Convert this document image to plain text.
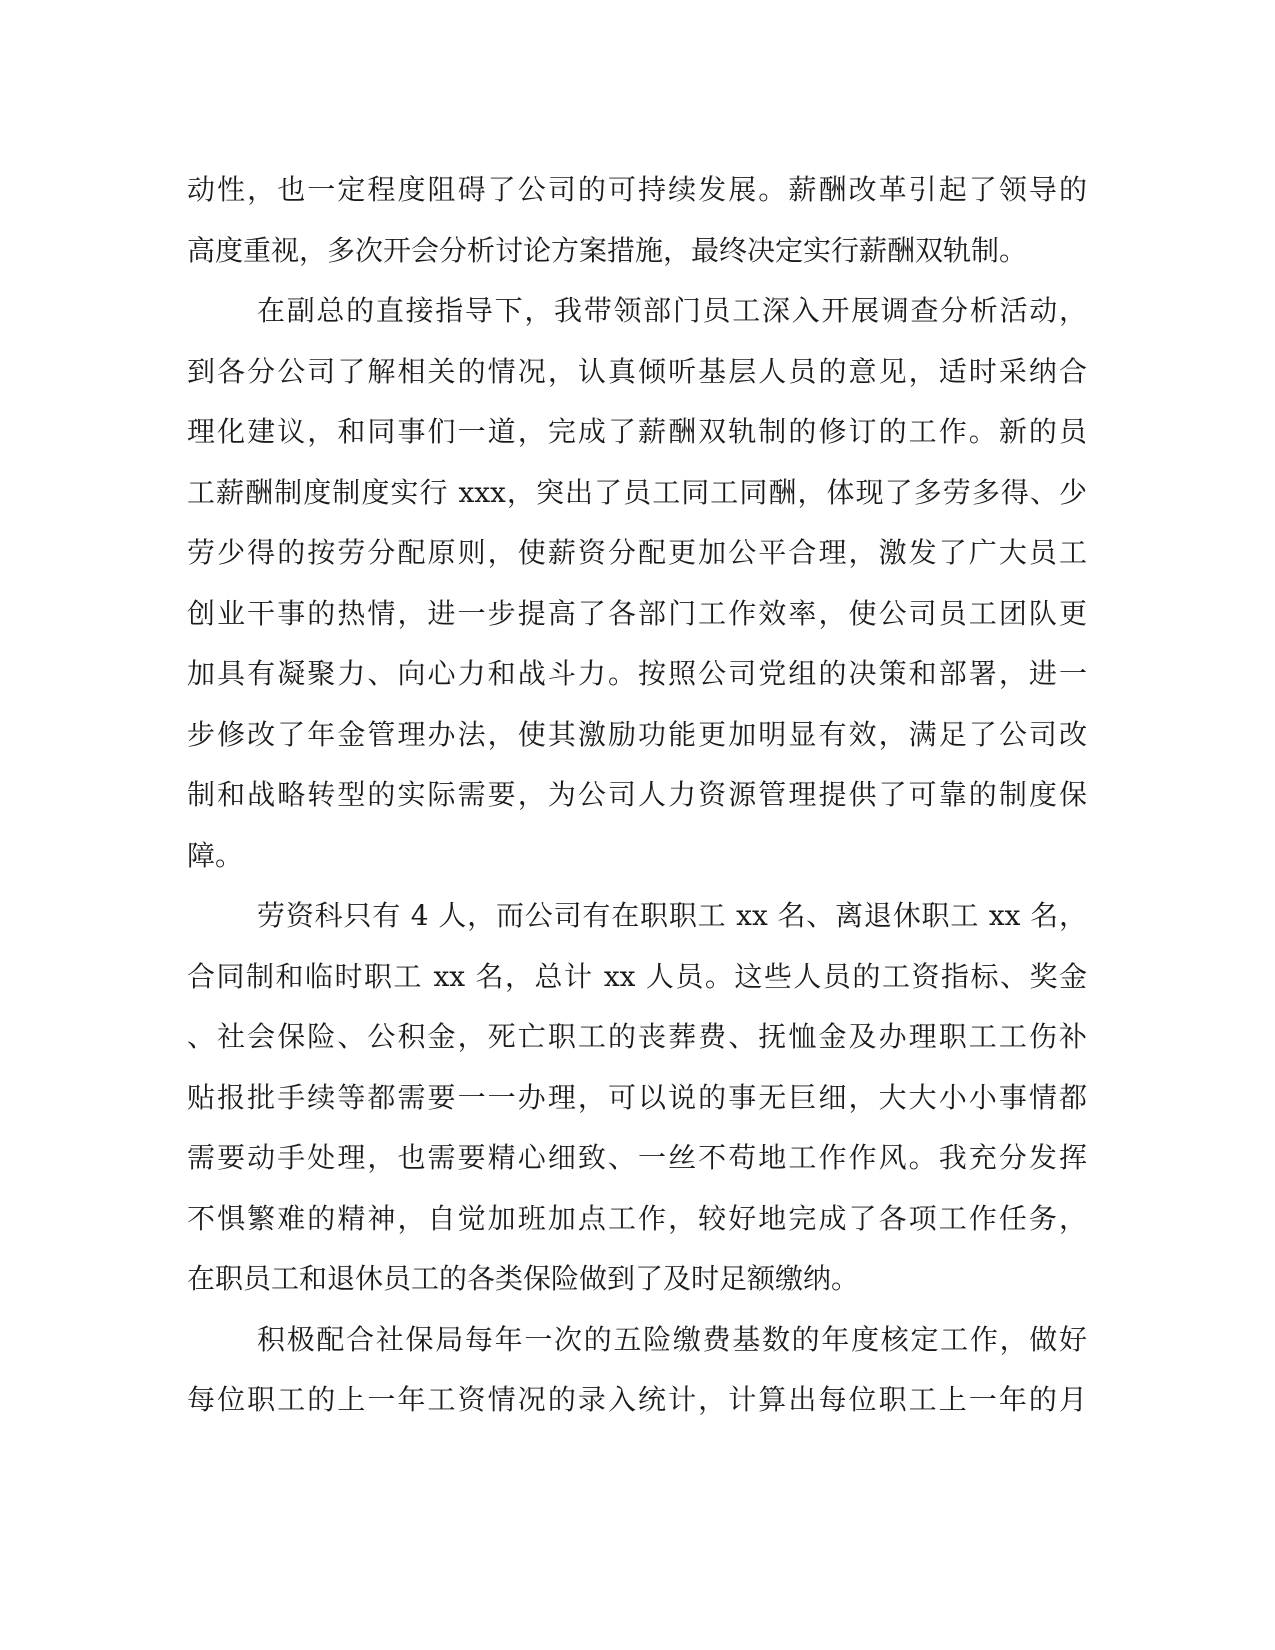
动性，也一定程度阻碍了公司的可持续发展。薪酬改革引起了领导的
高度重视，多次开会分析讨论方案措施，最终决定实行薪酬双轨制。
在副总的直接指导下，我带领部门员工深入开展调查分析活动，
到各分公司了解相关的情况，认真倾听基层人员的意见，适时采纳合
理化建议，和同事们一道，完成了薪酬双轨制的修订的工作。新的员
工薪酬制度制度实行 xxx，突出了员工同工同酬，体现了多劳多得、少
劳少得的按劳分配原则，使薪资分配更加公平合理，激发了广大员工
创业干事的热情，进一步提高了各部门工作效率，使公司员工团队更
加具有凝聚力、向心力和战斗力。按照公司党组的决策和部署，进一
步修改了年金管理办法，使其激励功能更加明显有效，满足了公司改
制和战略转型的实际需要，为公司人力资源管理提供了可靠的制度保
障。
劳资科只有 4 人，而公司有在职职工 xx 名、离退休职工 xx 名，
合同制和临时职工 xx 名，总计 xx 人员。这些人员的工资指标、奖金
、社会保险、公积金，死亡职工的丧葬费、抚恤金及办理职工工伤补
贴报批手续等都需要一一办理，可以说的事无巨细，大大小小事情都
需要动手处理，也需要精心细致、一丝不苟地工作作风。我充分发挥
不惧繁难的精神，自觉加班加点工作，较好地完成了各项工作任务，
在职员工和退休员工的各类保险做到了及时足额缴纳。
积极配合社保局每年一次的五险缴费基数的年度核定工作，做好
每位职工的上一年工资情况的录入统计，计算出每位职工上一年的月
